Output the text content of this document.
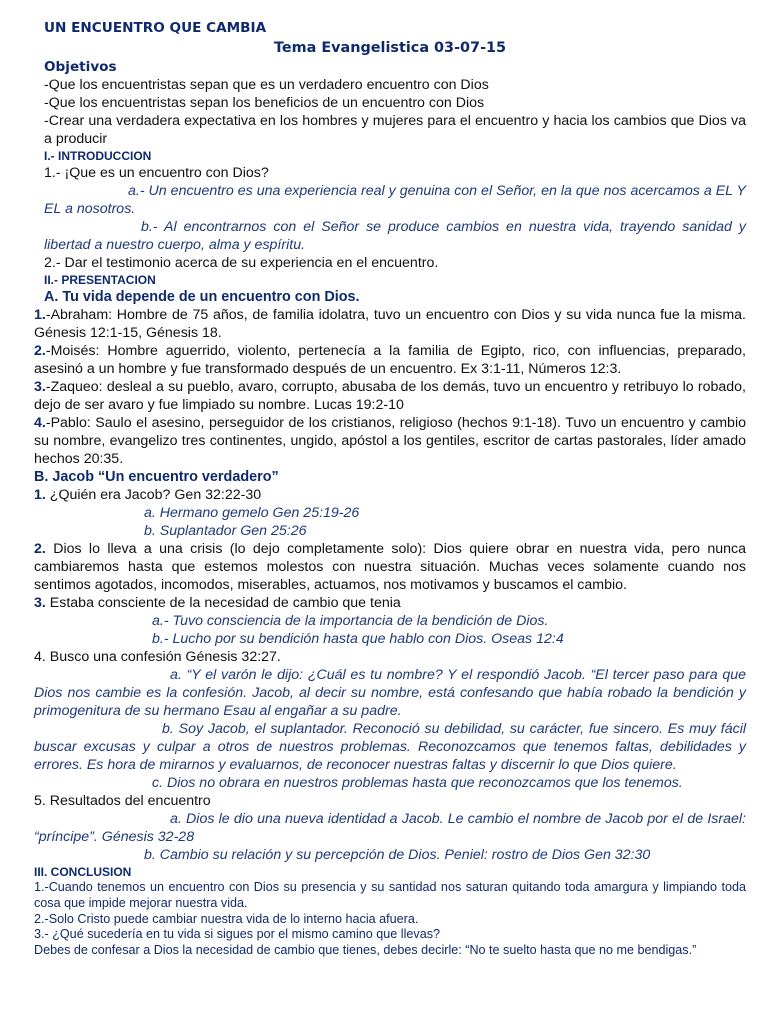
UN ENCUENTRO QUE CAMBIA

Tema Evangelistica 03-07-15

Objetivos

-Que los encuentristas sepan que es un verdadero encuentro con Dios

-Que los encuentristas sepan los beneficios de un encuentro con Dios

-Crear una verdadera expectativa en los hombres y mujeres para el encuentro y hacia los cambios que Dios va a producir

I.- INTRODUCCION

1.- ¡Que es un encuentro con Dios?

a.- Un encuentro es una experiencia real y genuina con el Señor, en la que nos acercamos a EL Y EL a nosotros.

b.- Al encontrarnos con el Señor se produce cambios en nuestra vida, trayendo sanidad y libertad a nuestro cuerpo, alma y espíritu.

2.- Dar el testimonio acerca de su experiencia en el encuentro.

II.- PRESENTACION

A. Tu vida depende de un encuentro con Dios.

1.-Abraham: Hombre de 75 años, de familia idolatra, tuvo un encuentro con Dios y su vida nunca fue la misma. Génesis 12:1-15, Génesis 18.

2.-Moisés: Hombre aguerrido, violento, pertenecía a la familia de Egipto, rico, con influencias, preparado, asesinó a un hombre y fue transformado después de un encuentro. Ex 3:1-11, Números 12:3.

3.-Zaqueo: desleal a su pueblo, avaro, corrupto, abusaba de los demás, tuvo un encuentro y retribuyo lo robado, dejo de ser avaro y fue limpiado su nombre. Lucas 19:2-10

4.-Pablo: Saulo el asesino, perseguidor de los cristianos, religioso (hechos 9:1-18). Tuvo un encuentro y cambio su nombre, evangelizo tres continentes, ungido, apóstol a los gentiles, escritor de cartas pastorales, líder amado hechos 20:35.

B. Jacob “Un encuentro verdadero”

1. ¿Quién era Jacob? Gen 32:22-30

a. Hermano gemelo Gen 25:19-26

b. Suplantador Gen 25:26

2. Dios lo lleva a una crisis (lo dejo completamente solo): Dios quiere obrar en nuestra vida, pero nunca cambiaremos hasta que estemos molestos con nuestra situación. Muchas veces solamente cuando nos sentimos agotados, incomodos, miserables, actuamos, nos motivamos y buscamos el cambio.

3. Estaba consciente de la necesidad de cambio que tenia

a.- Tuvo consciencia de la importancia de la bendición de Dios.

b.- Lucho por su bendición hasta que hablo con Dios. Oseas 12:4

4. Busco una confesión Génesis 32:27.

a. “Y el varón le dijo: ¿Cuál es tu nombre? Y el respondió Jacob. “El tercer paso para que Dios nos cambie es la confesión. Jacob, al decir su nombre, está confesando que había robado la bendición y primogenitura de su hermano Esau al engañar a su padre.

b. Soy Jacob, el suplantador. Reconoció su debilidad, su carácter, fue sincero. Es muy fácil buscar excusas y culpar a otros de nuestros problemas. Reconozcamos que tenemos faltas, debilidades y errores. Es hora de mirarnos y evaluarnos, de reconocer nuestras faltas y discernir lo que Dios quiere.

c. Dios no obrara en nuestros problemas hasta que reconozcamos que los tenemos.

5. Resultados del encuentro

a. Dios le dio una nueva identidad a Jacob. Le cambio el nombre de Jacob por el de Israel: “príncipe”. Génesis 32-28

b. Cambio su relación y su percepción de Dios. Peniel: rostro de Dios Gen 32:30

III. CONCLUSION

1.-Cuando tenemos un encuentro con Dios su presencia y su santidad nos saturan quitando toda amargura y limpiando toda cosa que impide mejorar nuestra vida.

2.-Solo Cristo puede cambiar nuestra vida de lo interno hacia afuera.

3.- ¿Qué sucedería en tu vida si sigues por el mismo camino que llevas?

Debes de confesar a Dios la necesidad de cambio que tienes, debes decirle: “No te suelto hasta que no me bendigas.”
